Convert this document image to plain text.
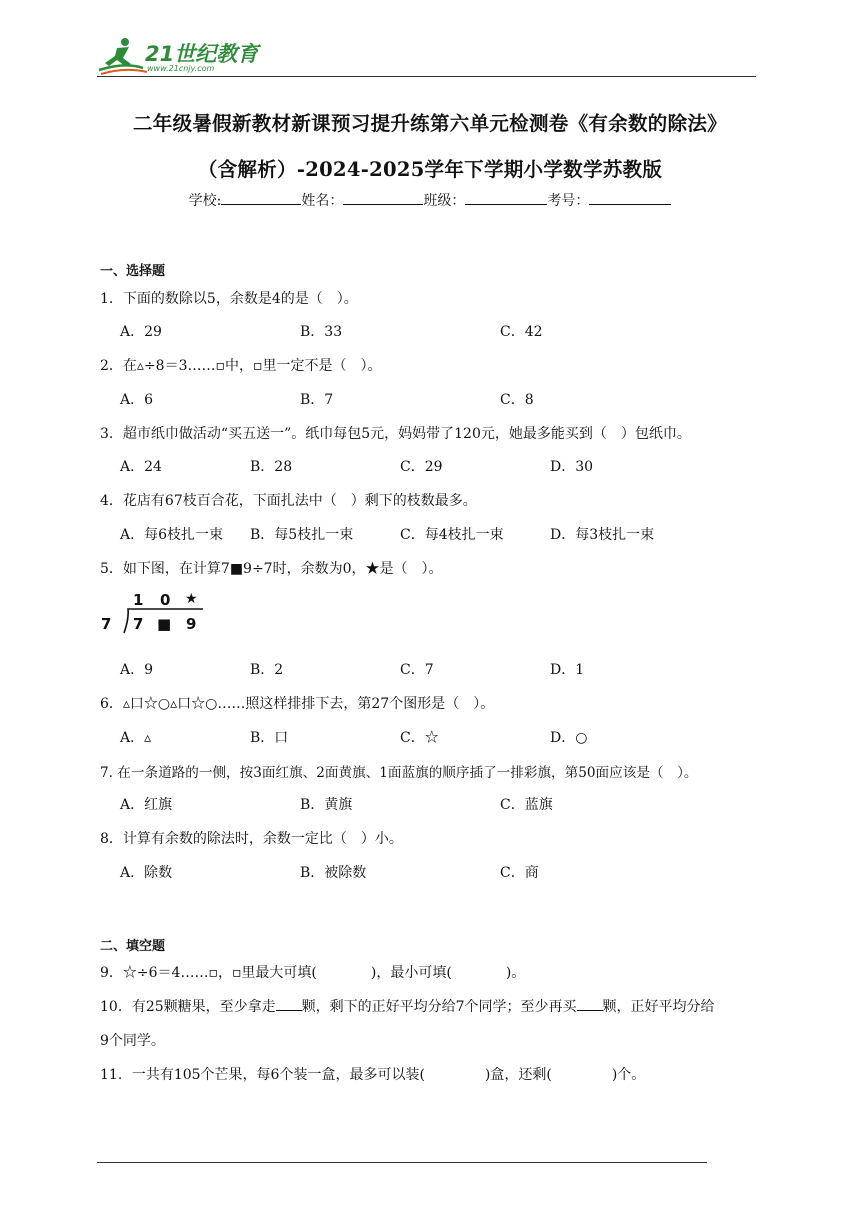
21世纪教育
www.21cnjy.com
二年级暑假新教材新课预习提升练第六单元检测卷《有余数的除法》
（含解析）-2024-2025学年下学期小学数学苏教版
学校:	姓名：	班级：	考号：
一、选择题
1．下面的数除以5，余数是4的是（　）。
A．29	B．33	C．42
2．在▵÷8＝3……▫中，▫里一定不是（　）。
A．6	B．7	C．8
3．超市纸巾做活动“买五送一”。纸巾每包5元，妈妈带了120元，她最多能买到（　）包纸巾。
A．24	B．28	C．29	D．30
4．花店有67枝百合花，下面扎法中（　）剩下的枝数最多。
A．每6枝扎一束 B．每5枝扎一束	C．每4枝扎一束	D．每3枝扎一束
5．如下图，在计算7■9÷7时，余数为0，★是（　）。
1 0 ★
7 7 ■ 9
A．9	B．2	C．7	D．1
6．▵口☆○▵口☆○……照这样排排下去，第27个图形是（　）。
A．▵	B．口	C．☆	D．○
7. 在一条道路的一侧，按3面红旗、2面黄旗、1面蓝旗的顺序插了一排彩旗，第50面应该是（　）。
A．红旗	B．黄旗	C．蓝旗
8．计算有余数的除法时，余数一定比（　）小。
A．除数	B．被除数	C．商
二、填空题
9．☆÷6＝4……▫，▫里最大可填(	)，最小可填(	)。
10．有25颗糖果，至少拿走 颗，剩下的正好平均分给7个同学；至少再买 颗，正好平均分给
9个同学。
11．一共有105个芒果，每6个装一盒，最多可以装(	)盒，还剩(	)个。
